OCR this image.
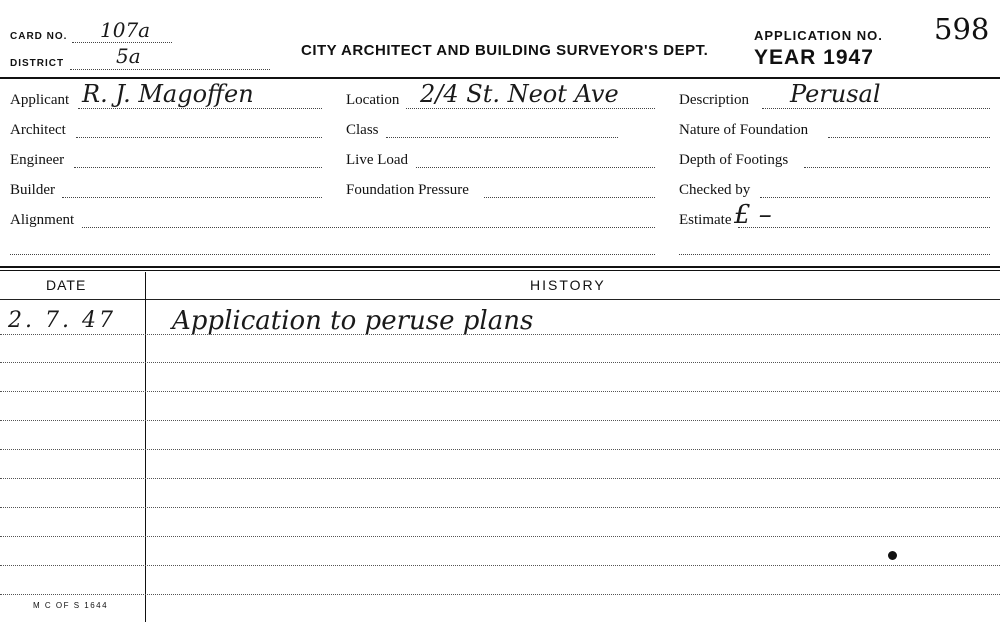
CARD NO. 107a
DISTRICT	5a	CITY ARCHITECT AND BUILDING SURVEYOR'S DEPT.
APPLICATION NO. 598
YEAR 1947
Applicant R. J. Magoffen
Architect
Engineer
Builder
Alignment
Location 2/4 St. Neot Ave
Class
Live Load
Foundation Pressure
Description Perusal
Nature of Foundation
Depth of Footings
Checked by
Estimate £ –
DATE	HISTORY
2. 7. 47 Application to peruse plans
M C OF S 1644
